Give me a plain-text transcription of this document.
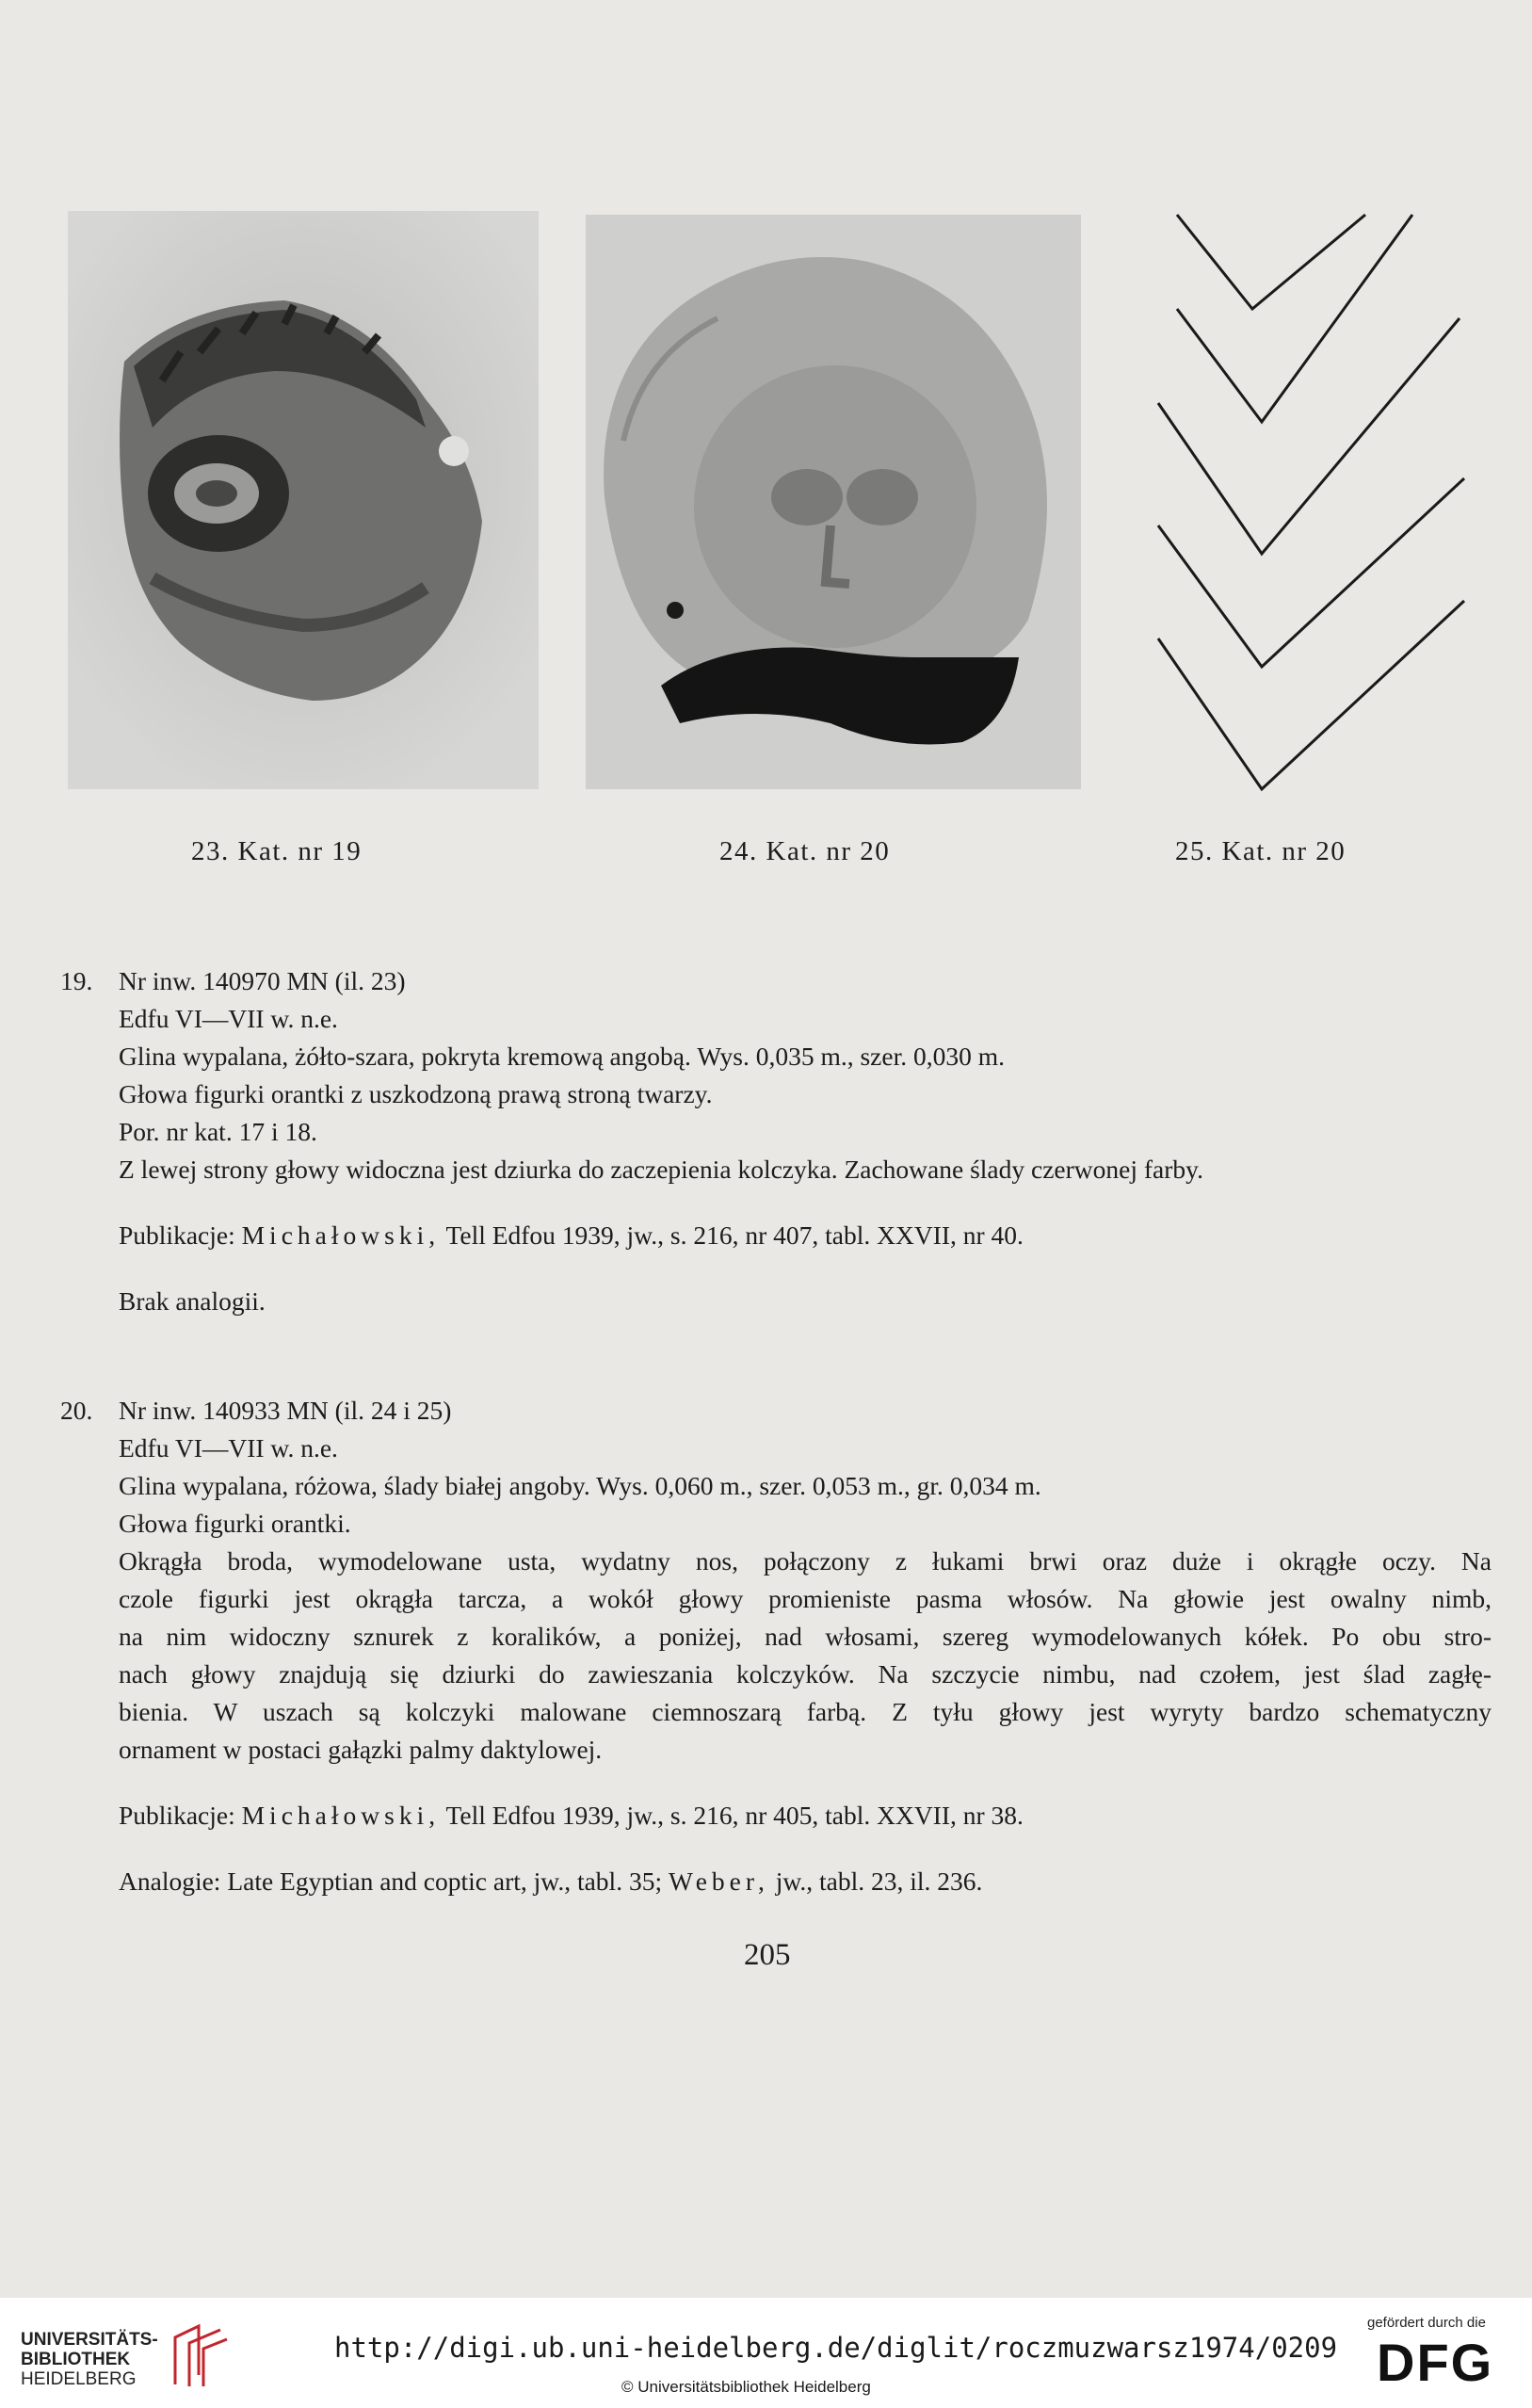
23. Kat. nr 19	24. Kat. nr 20	25. Kat. nr 20
19. Nr inw. 140970 MN (il. 23)
Edfu VI—VII w. n.e.
Glina wypalana, żółto-szara, pokryta kremową angobą. Wys. 0,035 m., szer. 0,030 m.
Głowa figurki orantki z uszkodzoną prawą stroną twarzy.
Por. nr kat. 17 i 18.
Z lewej strony głowy widoczna jest dziurka do zaczepienia kolczyka. Zachowane ślady czerwonej farby.
Publikacje: Michałowski, Tell Edfou 1939, jw., s. 216, nr 407, tabl. XXVII, nr 40.
Brak analogii.
20. Nr inw. 140933 MN (il. 24 i 25)
Edfu VI—VII w. n.e.
Glina wypalana, różowa, ślady białej angoby. Wys. 0,060 m., szer. 0,053 m., gr. 0,034 m.
Głowa figurki orantki.
Okrągła broda, wymodelowane usta, wydatny nos, połączony z łukami brwi oraz duże i okrągłe oczy. Na
czole figurki jest okrągła tarcza, a wokół głowy promieniste pasma włosów. Na głowie jest owalny nimb,
na nim widoczny sznurek z koralików, a poniżej, nad włosami, szereg wymodelowanych kółek. Po obu stro-
nach głowy znajdują się dziurki do zawieszania kolczyków. Na szczycie nimbu, nad czołem, jest ślad zagłę-
bienia. W uszach są kolczyki malowane ciemnoszarą farbą. Z tyłu głowy jest wyryty bardzo schematyczny
ornament w postaci gałązki palmy daktylowej.
Publikacje: Michałowski, Tell Edfou 1939, jw., s. 216, nr 405, tabl. XXVII, nr 38.
Analogie: Late Egyptian and coptic art, jw., tabl. 35; Weber, jw., tabl. 23, il. 236.
205
UNIVERSITÄTS-
BIBLIOTHEK
HEIDELBERG
http://digi.ub.uni-heidelberg.de/diglit/roczmuzwarsz1974/0209
© Universitätsbibliothek Heidelberg
gefördert durch die
DFG
